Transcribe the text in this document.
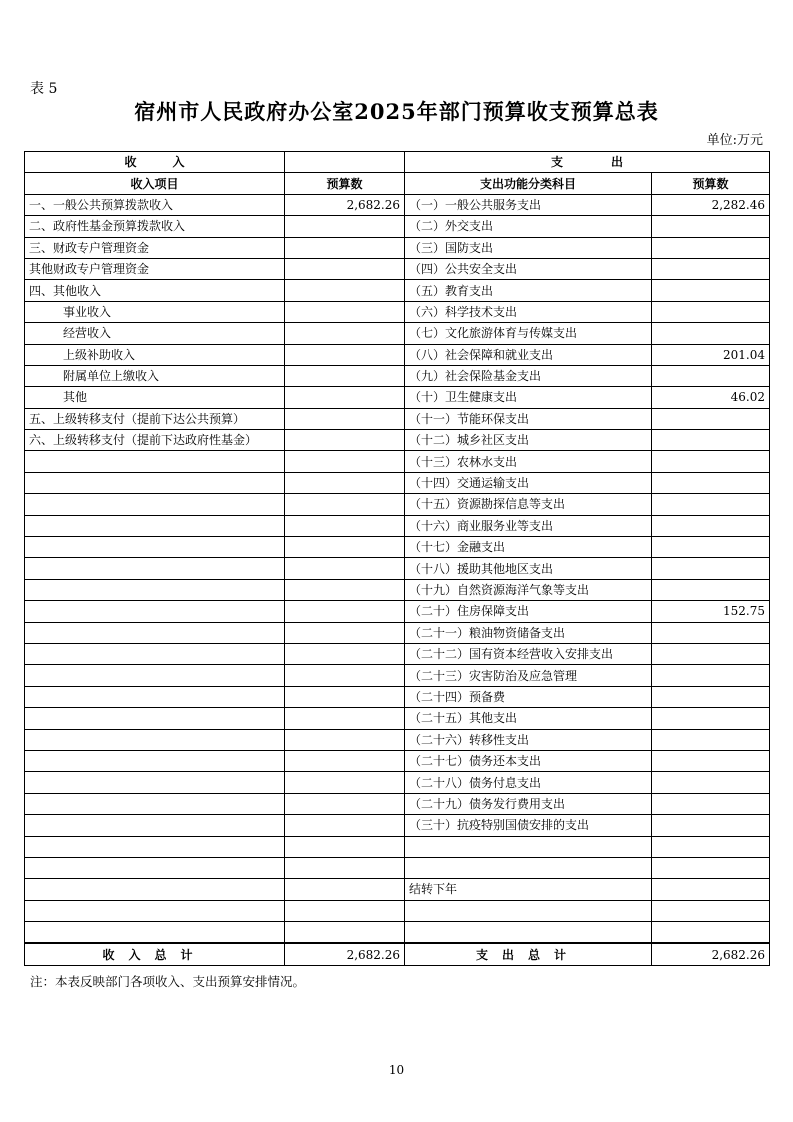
表 5
宿州市人民政府办公室2025年部门预算收支预算总表
单位:万元
收　　　入		支　　　　出	
收入项目	预算数	支出功能分类科目	预算数
一、一般公共预算拨款收入	2,682.26	（一）一般公共服务支出	2,282.46
二、政府性基金预算拨款收入		（二）外交支出	
三、财政专户管理资金		（三）国防支出	
其他财政专户管理资金		（四）公共安全支出	
四、其他收入		（五）教育支出	
事业收入		（六）科学技术支出	
经营收入		（七）文化旅游体育与传媒支出	
上级补助收入		（八）社会保障和就业支出	201.04
附属单位上缴收入		（九）社会保险基金支出	
其他		（十）卫生健康支出	46.02
五、上级转移支付（提前下达公共预算）		（十一）节能环保支出	
六、上级转移支付（提前下达政府性基金）		（十二）城乡社区支出	
		（十三）农林水支出	
		（十四）交通运输支出	
		（十五）资源勘探信息等支出	
		（十六）商业服务业等支出	
		（十七）金融支出	
		（十八）援助其他地区支出	
		（十九）自然资源海洋气象等支出	
		（二十）住房保障支出	152.75
		（二十一）粮油物资储备支出	
		（二十二）国有资本经营收入安排支出	
		（二十三）灾害防治及应急管理	
		（二十四）预备费	
		（二十五）其他支出	
		（二十六）转移性支出	
		（二十七）债务还本支出	
		（二十八）债务付息支出	
		（二十九）债务发行费用支出	
		（三十）抗疫特别国债安排的支出	

		结转下年	

收入总计	2,682.26	支出总计	2,682.26
注：本表反映部门各项收入、支出预算安排情况。
10
